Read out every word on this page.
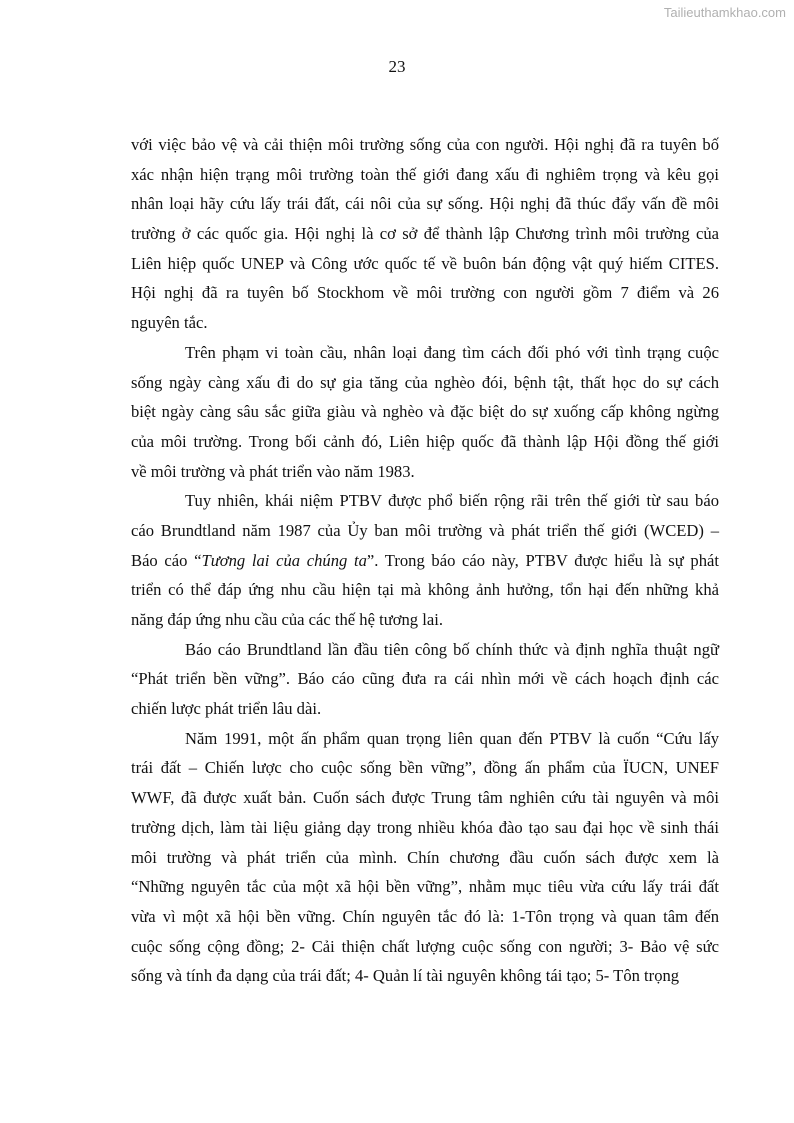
Tailieuthamkhao.com
23
với việc bảo vệ và cải thiện môi trường sống của con người. Hội nghị đã ra tuyên bố
xác nhận hiện trạng môi trường toàn thế giới đang xấu đi nghiêm trọng và kêu gọi
nhân loại hãy cứu lấy trái đất, cái nôi của sự sống. Hội nghị đã thúc đẩy vấn đề môi
trường ở các quốc gia. Hội nghị là cơ sở để thành lập Chương trình môi trường của
Liên hiệp quốc UNEP và Công ước quốc tế về buôn bán động vật quý hiếm CITES.
Hội nghị đã ra tuyên bố Stockhom về môi trường con người gồm 7 điểm và 26
nguyên tắc.
Trên phạm vi toàn cầu, nhân loại đang tìm cách đối phó với tình trạng cuộc
sống ngày càng xấu đi do sự gia tăng của nghèo đói, bệnh tật, thất học do sự cách
biệt ngày càng sâu sắc giữa giàu và nghèo và đặc biệt do sự xuống cấp không ngừng
của môi trường. Trong bối cảnh đó, Liên hiệp quốc đã thành lập Hội đồng thế giới
về môi trường và phát triển vào năm 1983.
Tuy nhiên, khái niệm PTBV được phổ biến rộng rãi trên thế giới từ sau báo
cáo Brundtland năm 1987 của Ủy ban môi trường và phát triển thế giới (WCED) –
Báo cáo “Tương lai của chúng ta”. Trong báo cáo này, PTBV được hiểu là sự phát
triển có thể đáp ứng nhu cầu hiện tại mà không ảnh hưởng, tổn hại đến những khả
năng đáp ứng nhu cầu của các thế hệ tương lai.
Báo cáo Brundtland lần đầu tiên công bố chính thức và định nghĩa thuật ngữ
“Phát triển bền vững”. Báo cáo cũng đưa ra cái nhìn mới về cách hoạch định các
chiến lược phát triển lâu dài.
Năm 1991, một ấn phẩm quan trọng liên quan đến PTBV là cuốn “Cứu lấy
trái đất – Chiến lược cho cuộc sống bền vững”, đồng ấn phẩm của ÏUCN, UNEF
WWF, đã được xuất bản. Cuốn sách được Trung tâm nghiên cứu tài nguyên và môi
trường dịch, làm tài liệu giảng dạy trong nhiều khóa đào tạo sau đại học về sinh thái
môi trường và phát triển của mình. Chín chương đầu cuốn sách được xem là
“Những nguyên tắc của một xã hội bền vững”, nhằm mục tiêu vừa cứu lấy trái đất
vừa vì một xã hội bền vững. Chín nguyên tắc đó là: 1-Tôn trọng và quan tâm đến
cuộc sống cộng đồng; 2- Cải thiện chất lượng cuộc sống con người; 3- Bảo vệ sức
sống và tính đa dạng của trái đất; 4- Quản lí tài nguyên không tái tạo; 5- Tôn trọng
